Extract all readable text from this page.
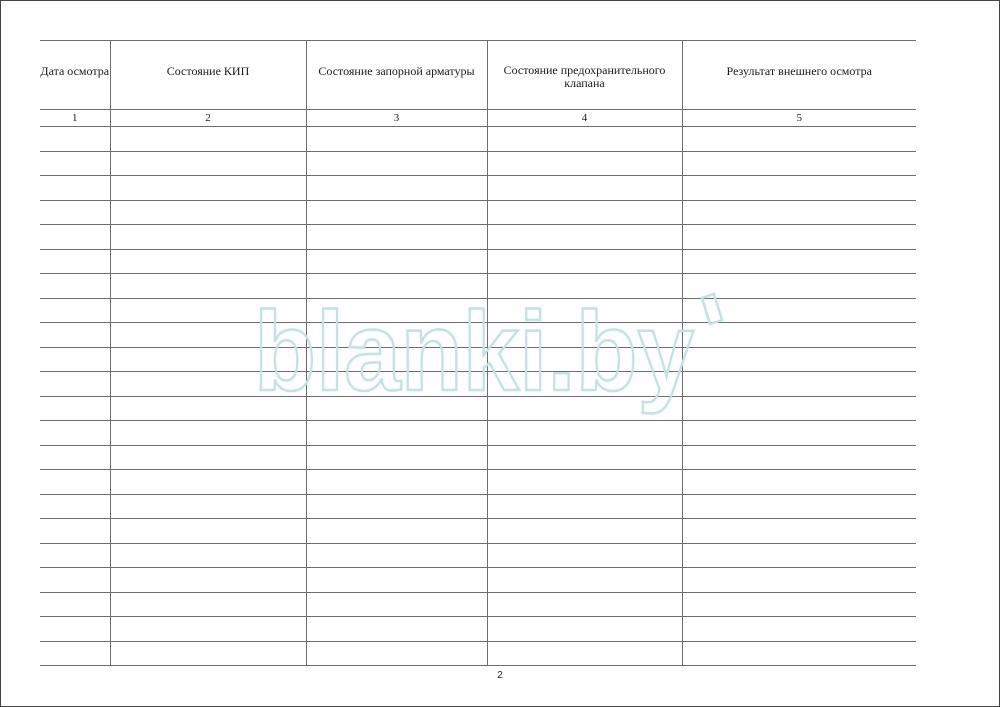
Дата осмотра	Состояние КИП	Состояние запорной арматуры	Состояние предохранительного клапана	Результат внешнего осмотра
1	2	3	4	5

blanki.by
2
